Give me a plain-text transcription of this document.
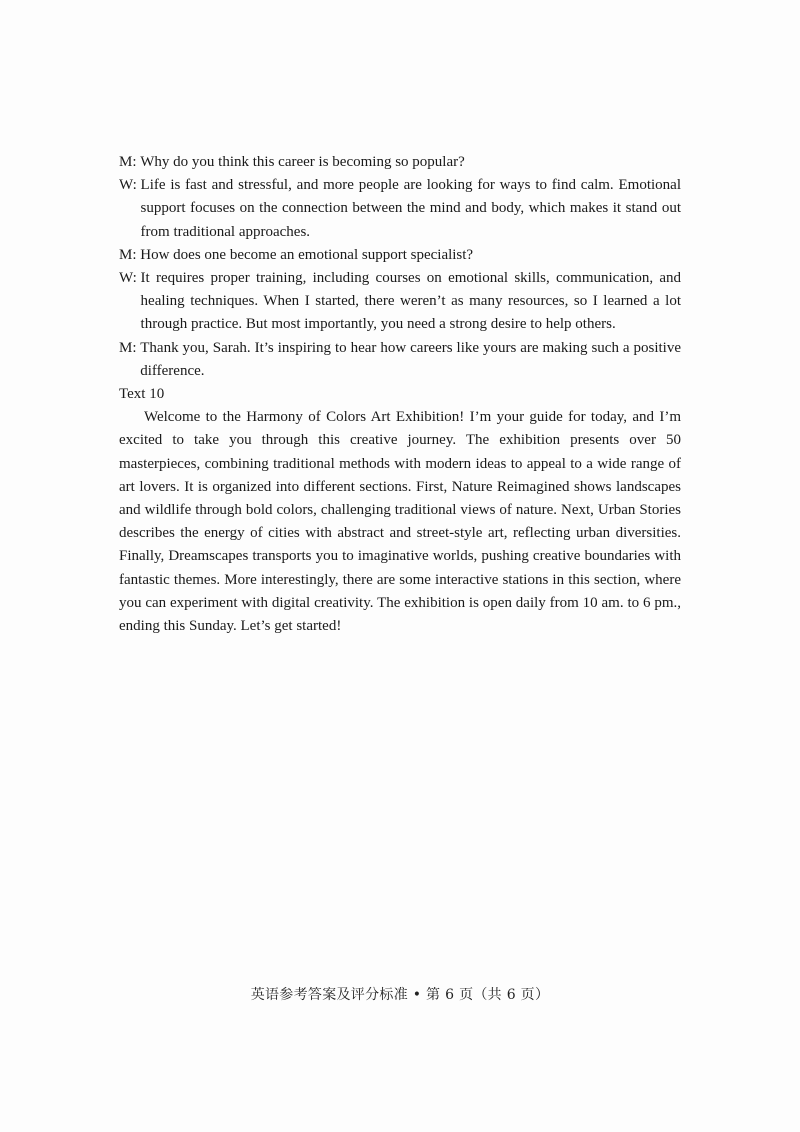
M: Why do you think this career is becoming so popular?
W: Life is fast and stressful, and more people are looking for ways to find calm. Emotional support focuses on the connection between the mind and body, which makes it stand out from traditional approaches.
M: How does one become an emotional support specialist?
W: It requires proper training, including courses on emotional skills, communication, and healing techniques. When I started, there weren’t as many resources, so I learned a lot through practice. But most importantly, you need a strong desire to help others.
M: Thank you, Sarah. It’s inspiring to hear how careers like yours are making such a positive difference.
Text 10

Welcome to the Harmony of Colors Art Exhibition! I’m your guide for today, and I’m excited to take you through this creative journey. The exhibition presents over 50 masterpieces, combining traditional methods with modern ideas to appeal to a wide range of art lovers. It is organized into different sections. First, Nature Reimagined shows landscapes and wildlife through bold colors, challenging traditional views of nature. Next, Urban Stories describes the energy of cities with abstract and street-style art, reflecting urban diversities. Finally, Dreamscapes transports you to imaginative worlds, pushing creative boundaries with fantastic themes. More interestingly, there are some interactive stations in this section, where you can experiment with digital creativity. The exhibition is open daily from 10 am. to 6 pm., ending this Sunday. Let’s get started!

英语参考答案及评分标准 • 第 6 页（共 6 页）
